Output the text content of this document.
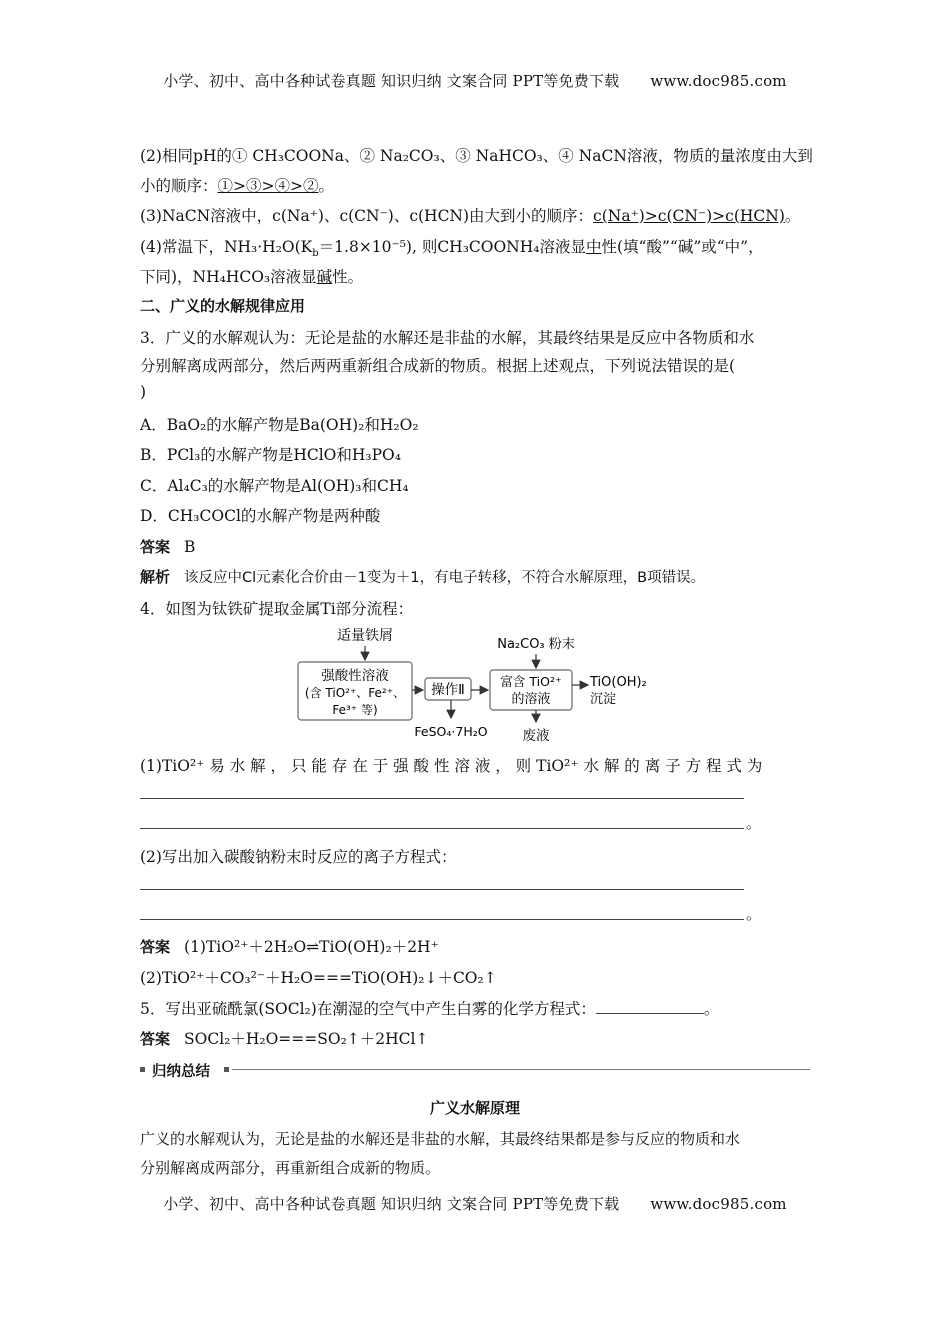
小学、初中、高中各种试卷真题 知识归纳 文案合同 PPT等免费下载 www.doc985.com
(2)相同pH的① CH₃COONa、② Na₂CO₃、③ NaHCO₃、④ NaCN溶液，物质的量浓度由大到
小的顺序：①>③>④>②。
(3)NaCN溶液中，c(Na⁺)、c(CN⁻)、c(HCN)由大到小的顺序：c(Na⁺)>c(CN⁻)>c(HCN)。
(4)常温下，$NH_3\cdot H_2O(K_b=1.8\times 10^{-5})$, 则CH₃COONH₄溶液显中性(填“酸”“碱”或“中”，
下同)，NH₄HCO₃溶液显碱性。
二、广义的水解规律应用
3．广义的水解观认为：无论是盐的水解还是非盐的水解，其最终结果是反应中各物质和水
分别解离成两部分，然后两两重新组合成新的物质。根据上述观点，下列说法错误的是(
)
A．BaO₂的水解产物是Ba(OH)₂和H₂O₂
B．PCl₃的水解产物是HClO和H₃PO₄
C．Al₄C₃的水解产物是Al(OH)₃和CH₄
D．CH₃COCl的水解产物是两种酸
答案 B
解析 该反应中Cl元素化合价由－1变为＋1，有电子转移，不符合水解原理，B项错误。
4．如图为钛铁矿提取金属Ti部分流程：
适量铁屑
强酸性溶液
(含 TiO²⁺、Fe²⁺、
Fe³⁺ 等)
操作Ⅱ
FeSO₄·7H₂O
Na₂CO₃ 粉末
富含 TiO²⁺
的溶液
TiO(OH)₂
沉淀
废液
(1)TiO²⁺ 易 水 解 ， 只 能 存 在 于 强 酸 性 溶 液 ， 则 TiO²⁺ 水 解 的 离 子 方 程 式 为
。
(2)写出加入碳酸钠粉末时反应的离子方程式：
。
答案 (1)TiO²⁺＋2H₂O⇌TiO(OH)₂＋2H⁺
(2)TiO²⁺＋CO₃²⁻＋H₂O===TiO(OH)₂↓＋CO₂↑
5．写出亚硫酰氯(SOCl₂)在潮湿的空气中产生白雾的化学方程式：	。
答案 SOCl₂＋H₂O===SO₂↑＋2HCl↑
归纳总结
广义水解原理
广义的水解观认为，无论是盐的水解还是非盐的水解，其最终结果都是参与反应的物质和水
分别解离成两部分，再重新组合成新的物质。
小学、初中、高中各种试卷真题 知识归纳 文案合同 PPT等免费下载 www.doc985.com
